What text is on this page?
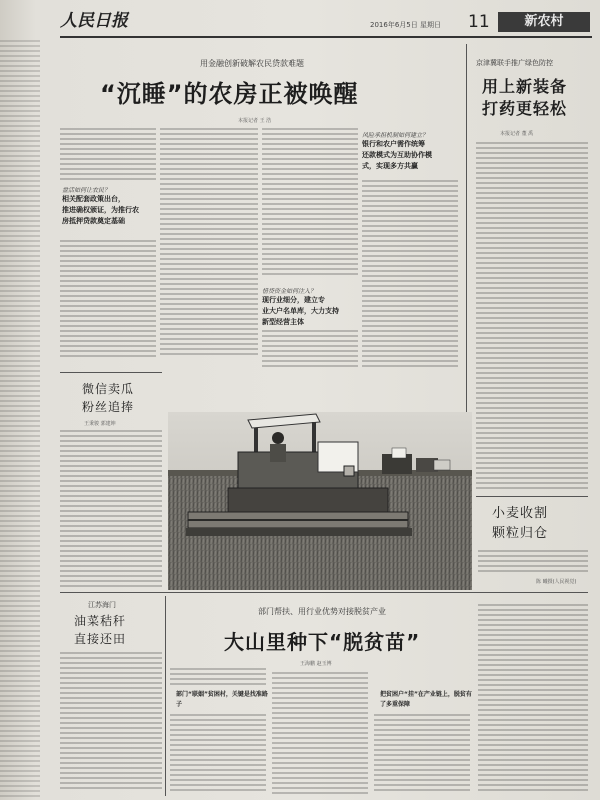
人民日报	2016年6月5日 星期日 11	新农村
用金融创新破解农民贷款难题
“沉睡”的农房正被唤醒
本报记者 王 浩
盘活如何让农民？
相关配套政策出台，
推进确权颁证，为推行农
房抵押贷款奠定基础
惜贷资金如何注入？
现行业细分，建立专
业大户名单库，大力支持
新型经营主体
风险承担机制如何建立？
银行和农户需作统筹
还款模式为互助协作模
式，实现多方共赢
京津冀联手推广绿色防控
用上新装备
打药更轻松
本报记者 董 禹
微信卖瓜
粉丝追捧
王秉骏 郭建坤
小麦收割
颗粒归仓
陈 曦摄(人民视觉)
江苏海门
油菜秸秆
直接还田
部门帮扶、用行业优势对接脱贫产业
大山里种下“脱贫苗”
王海鹏 赵玉博
部门“联姻”贫困村，关键是找准路子
把贫困户“挂”在产业链上，脱贫有了多重保障
